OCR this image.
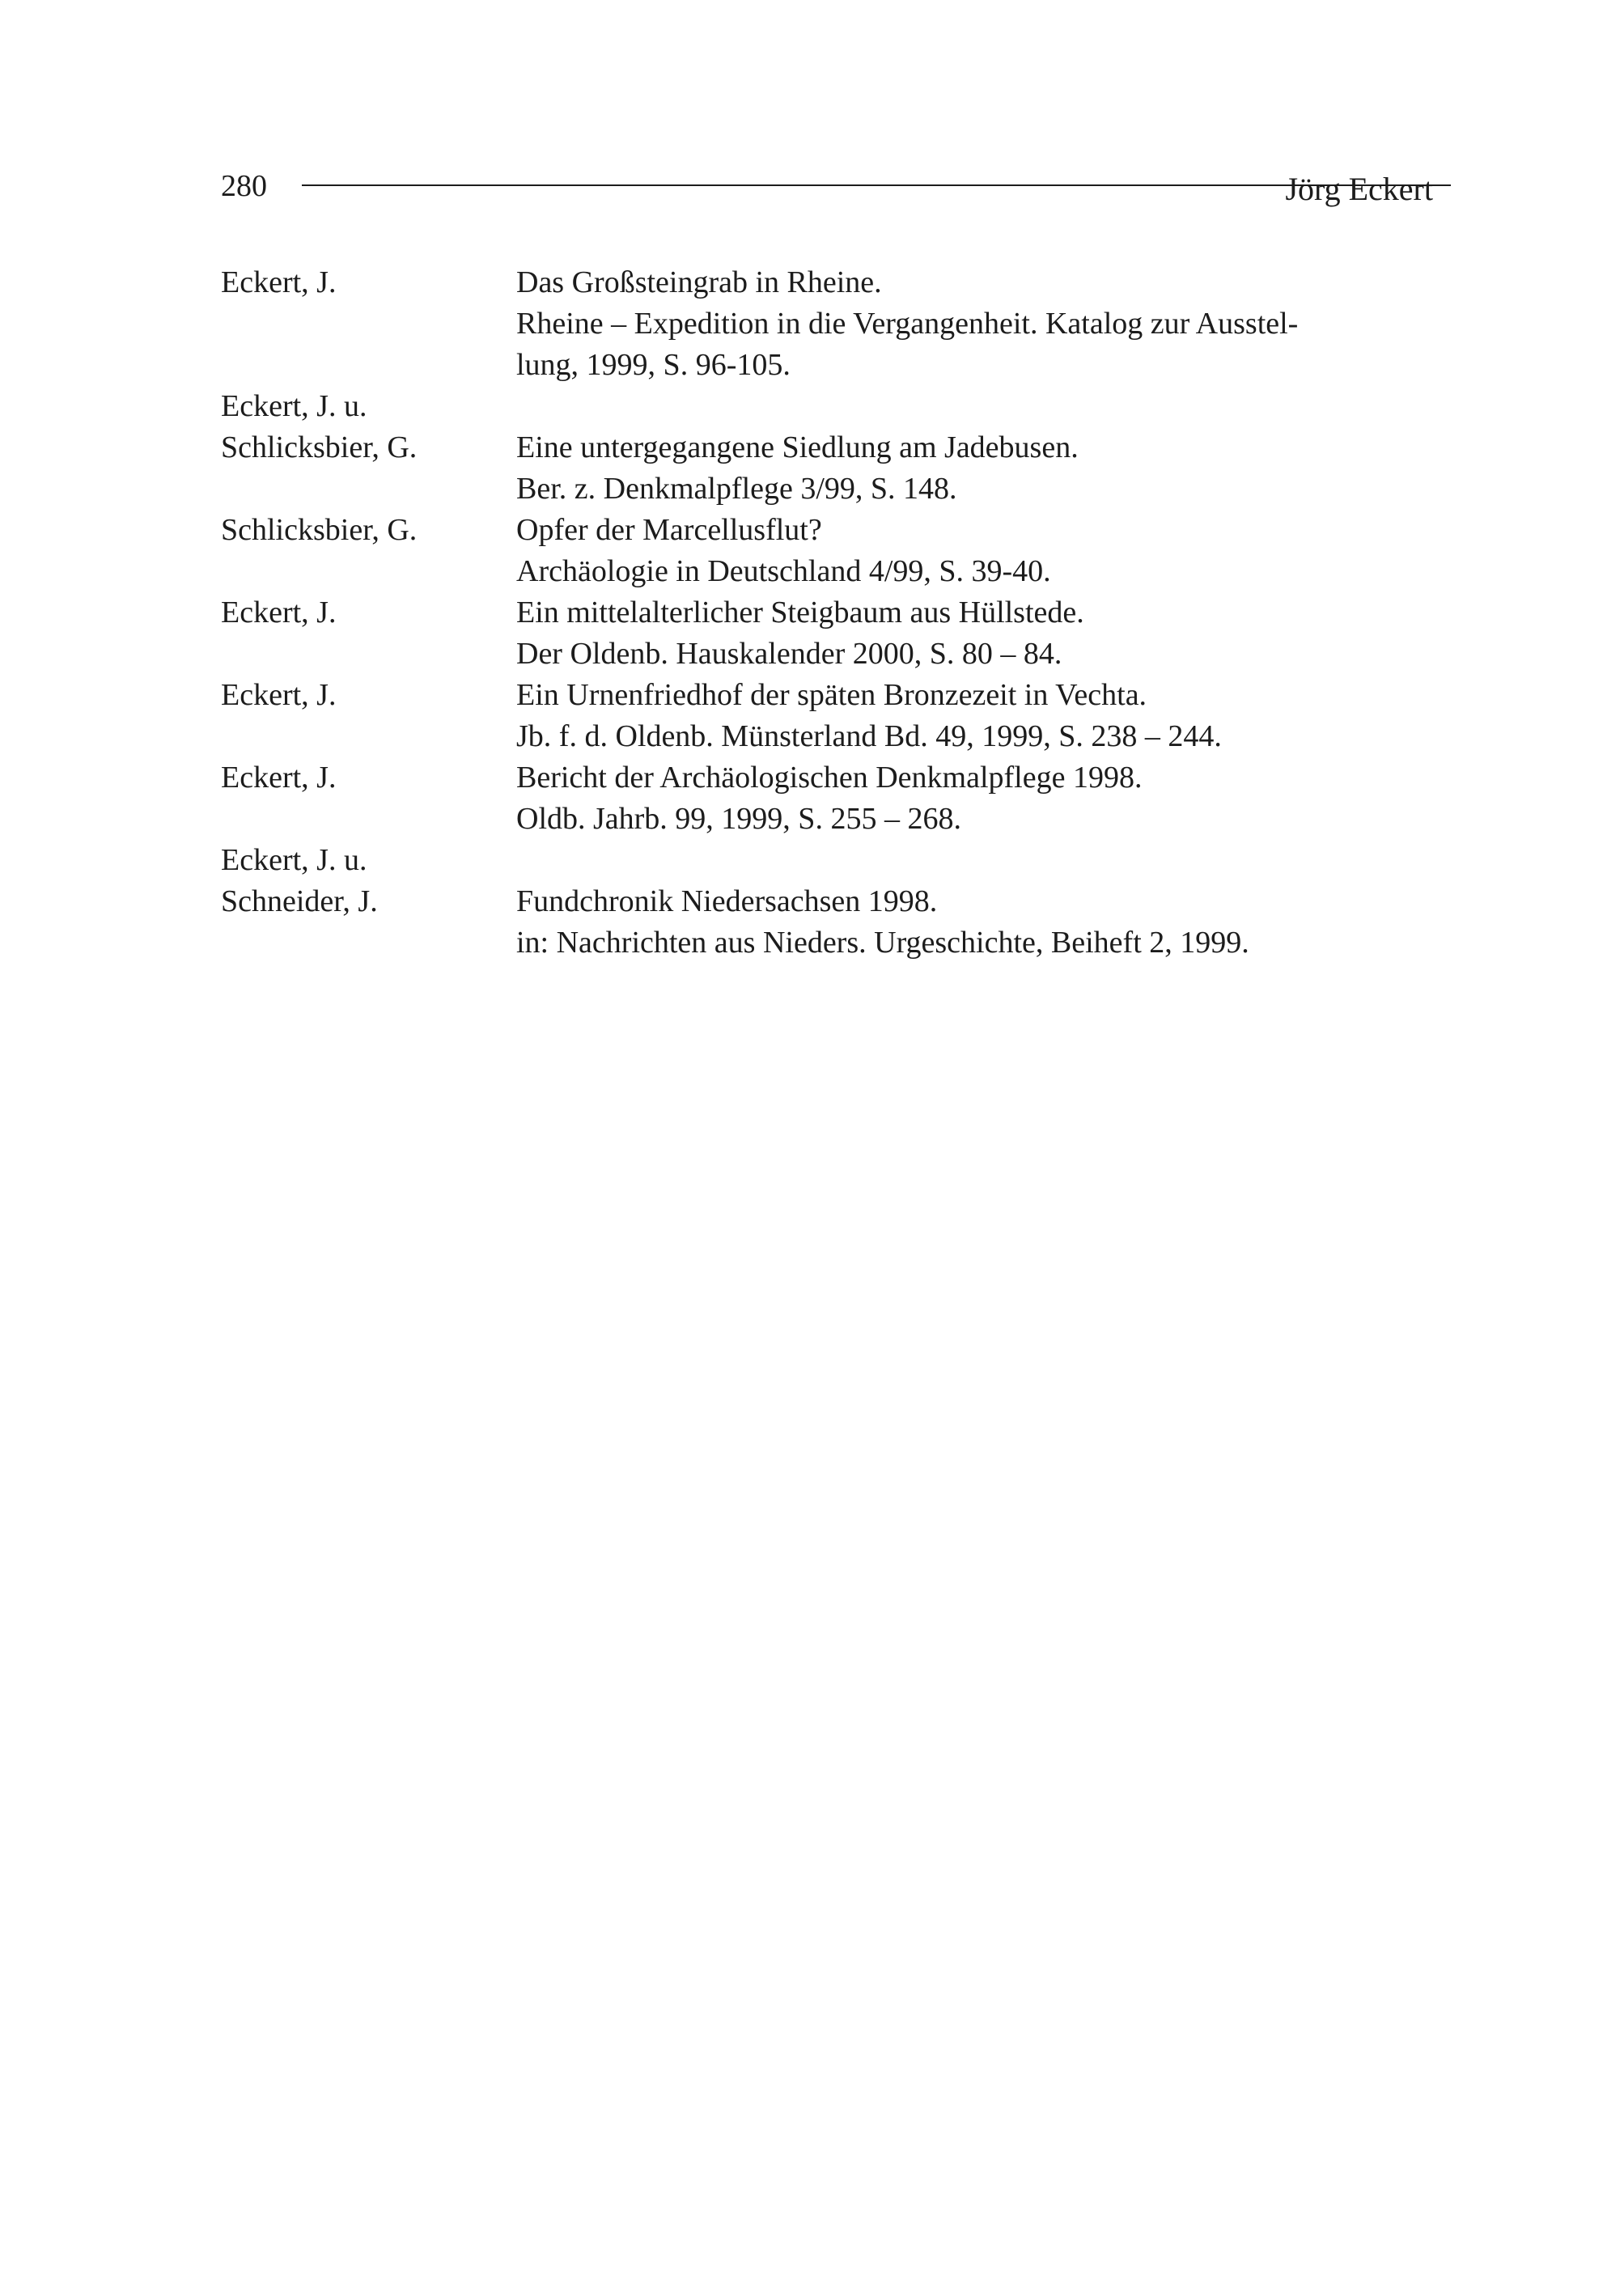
280	Jörg Eckert
Eckert, J.	Das Großsteingrab in Rheine.
Rheine – Expedition in die Vergangenheit. Katalog zur Ausstel-
lung, 1999, S. 96-105.
Eckert, J. u.
Schlicksbier, G.	Eine untergegangene Siedlung am Jadebusen.
Ber. z. Denkmalpflege 3/99, S. 148.
Schlicksbier, G.	Opfer der Marcellusflut?
Archäologie in Deutschland 4/99, S. 39-40.
Eckert, J.	Ein mittelalterlicher Steigbaum aus Hüllstede.
Der Oldenb. Hauskalender 2000, S. 80 – 84.
Eckert, J.	Ein Urnenfriedhof der späten Bronzezeit in Vechta.
Jb. f. d. Oldenb. Münsterland Bd. 49, 1999, S. 238 – 244.
Eckert, J.	Bericht der Archäologischen Denkmalpflege 1998.
Oldb. Jahrb. 99, 1999, S. 255 – 268.
Eckert, J. u.
Schneider, J.	Fundchronik Niedersachsen 1998.
in: Nachrichten aus Nieders. Urgeschichte, Beiheft 2, 1999.
